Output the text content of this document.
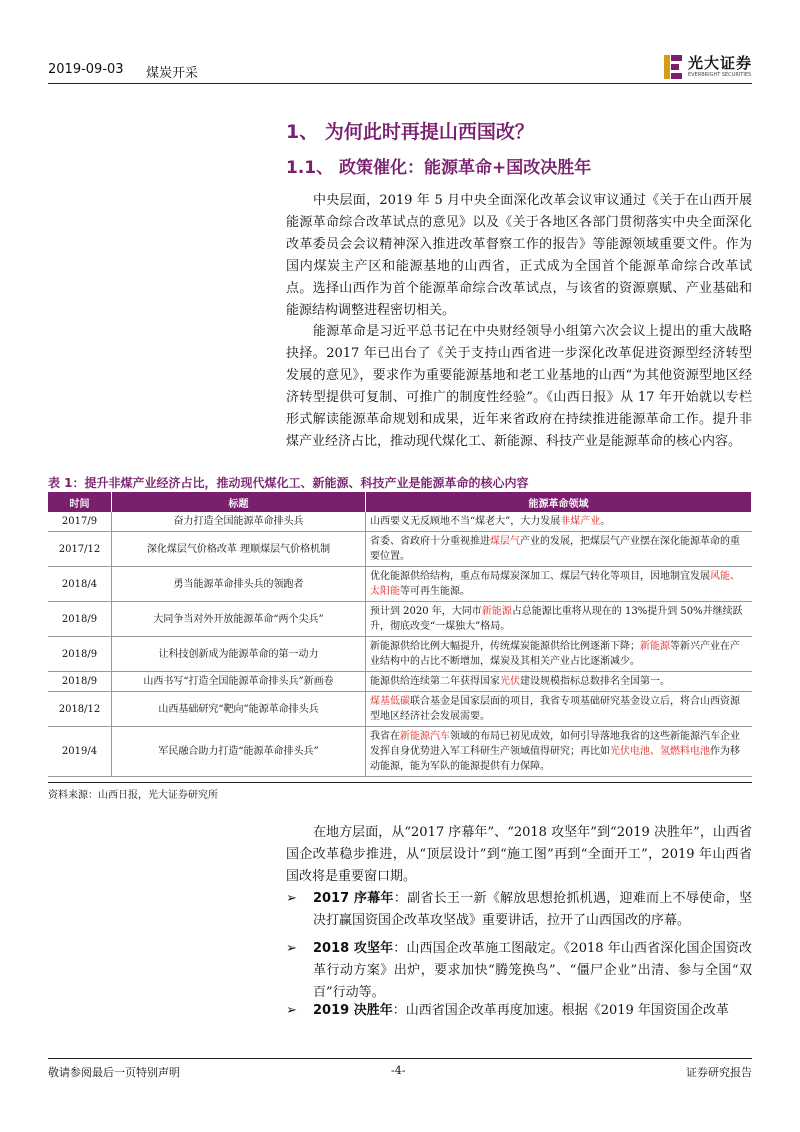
2019-09-03 煤炭开采
光大证券
EVERBRIGHT SECURITIES
1、 为何此时再提山西国改？
1.1、 政策催化：能源革命+国改决胜年
中央层面，2019 年 5 月中央全面深化改革会议审议通过《关于在山西开展能源革命综合改革试点的意见》以及《关于各地区各部门贯彻落实中央全面深化改革委员会会议精神深入推进改革督察工作的报告》等能源领域重要文件。作为国内煤炭主产区和能源基地的山西省，正式成为全国首个能源革命综合改革试点。选择山西作为首个能源革命综合改革试点，与该省的资源禀赋、产业基础和能源结构调整进程密切相关。
能源革命是习近平总书记在中央财经领导小组第六次会议上提出的重大战略抉择。2017 年已出台了《关于支持山西省进一步深化改革促进资源型经济转型发展的意见》，要求作为重要能源基地和老工业基地的山西“为其他资源型地区经济转型提供可复制、可推广的制度性经验”。《山西日报》从 17 年开始就以专栏形式解读能源革命规划和成果，近年来省政府在持续推进能源革命工作。提升非煤产业经济占比，推动现代煤化工、新能源、科技产业是能源革命的核心内容。
表 1：提升非煤产业经济占比，推动现代煤化工、新能源、科技产业是能源革命的核心内容
时间	标题	能源革命领域
2017/9	奋力打造全国能源革命排头兵	山西要义无反顾地不当“煤老大”，大力发展非煤产业。
2017/12	深化煤层气价格改革 理顺煤层气价格机制	省委、省政府十分重视推进煤层气产业的发展，把煤层气产业摆在深化能源革命的重要位置。
2018/4	勇当能源革命排头兵的领跑者	优化能源供给结构，重点布局煤炭深加工、煤层气转化等项目，因地制宜发展风能、太阳能等可再生能源。
2018/9	大同争当对外开放能源革命“两个尖兵”	预计到 2020 年，大同市新能源占总能源比重将从现在的 13%提升到 50%并继续跃升，彻底改变“一煤独大”格局。
2018/9	让科技创新成为能源革命的第一动力	新能源供给比例大幅提升，传统煤炭能源供给比例逐渐下降；新能源等新兴产业在产业结构中的占比不断增加，煤炭及其相关产业占比逐渐减少。
2018/9	山西书写“打造全国能源革命排头兵”新画卷	能源供给连续第二年获得国家光伏建设规模指标总数排名全国第一。
2018/12	山西基础研究“靶向”能源革命排头兵	煤基低碳联合基金是国家层面的项目，我省专项基础研究基金设立后，将合山西资源型地区经济社会发展需要。
2019/4	军民融合助力打造“能源革命排头兵”	我省在新能源汽车领域的布局已初见成效，如何引导落地我省的这些新能源汽车企业发挥自身优势进入军工科研生产领域值得研究；再比如光伏电池、氢燃料电池作为移动能源，能为军队的能源提供有力保障。
资料来源：山西日报，光大证券研究所
在地方层面，从“2017 序幕年”、“2018 攻坚年”到“2019 决胜年”，山西省国企改革稳步推进，从“顶层设计”到“施工图”再到“全面开工”，2019 年山西省国改将是重要窗口期。
➢ 2017 序幕年：副省长王一新《解放思想抢抓机遇，迎难而上不辱使命，坚决打赢国资国企改革攻坚战》重要讲话，拉开了山西国改的序幕。
➢ 2018 攻坚年：山西国企改革施工图敲定。《2018 年山西省深化国企国资改革行动方案》出炉，要求加快“腾笼换鸟”、“僵尸企业”出清、参与全国“双百”行动等。
➢ 2019 决胜年：山西省国企改革再度加速。根据《2019 年国资国企改革
敬请参阅最后一页特别声明	-4-	证券研究报告
